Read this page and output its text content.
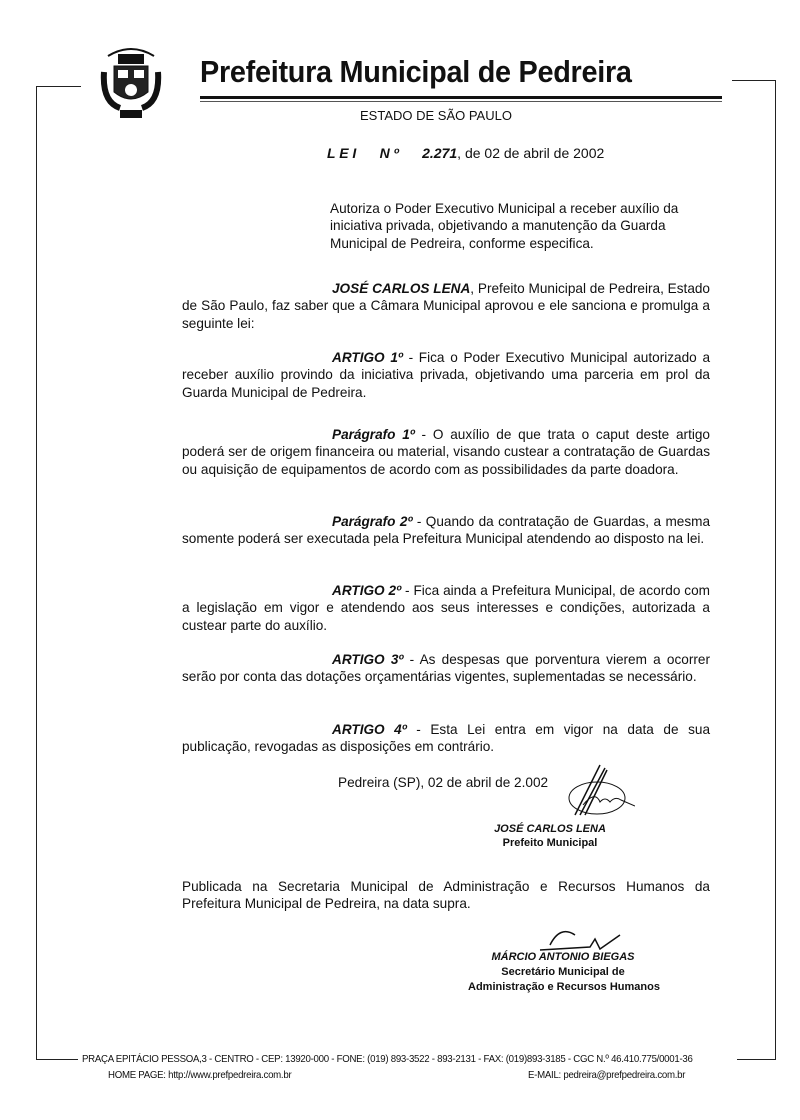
Prefeitura Municipal de Pedreira
ESTADO DE SÃO PAULO
L E I N º 2.271, de 02 de abril de 2002
Autoriza o Poder Executivo Municipal a receber auxílio da iniciativa privada, objetivando a manutenção da Guarda Municipal de Pedreira, conforme especifica.
JOSÉ CARLOS LENA, Prefeito Municipal de Pedreira, Estado de São Paulo, faz saber que a Câmara Municipal aprovou e ele sanciona e promulga a seguinte lei:
ARTIGO 1º - Fica o Poder Executivo Municipal autorizado a receber auxílio provindo da iniciativa privada, objetivando uma parceria em prol da Guarda Municipal de Pedreira.
Parágrafo 1º - O auxílio de que trata o caput deste artigo poderá ser de origem financeira ou material, visando custear a contratação de Guardas ou aquisição de equipamentos de acordo com as possibilidades da parte doadora.
Parágrafo 2º - Quando da contratação de Guardas, a mesma somente poderá ser executada pela Prefeitura Municipal atendendo ao disposto na lei.
ARTIGO 2º - Fica ainda a Prefeitura Municipal, de acordo com a legislação em vigor e atendendo aos seus interesses e condições, autorizada a custear parte do auxílio.
ARTIGO 3º - As despesas que porventura vierem a ocorrer serão por conta das dotações orçamentárias vigentes, suplementadas se necessário.
ARTIGO 4º - Esta Lei entra em vigor na data de sua publicação, revogadas as disposições em contrário.
Pedreira (SP), 02 de abril de 2.002
JOSÉ CARLOS LENA
Prefeito Municipal
Publicada na Secretaria Municipal de Administração e Recursos Humanos da Prefeitura Municipal de Pedreira, na data supra.
MÁRCIO ANTONIO BIEGAS
Secretário Municipal de
Administração e Recursos Humanos
PRAÇA EPITÁCIO PESSOA,3 - CENTRO - CEP: 13920-000 - FONE: (019) 893-3522 - 893-2131 - FAX: (019)893-3185 - CGC N.º 46.410.775/0001-36
HOME PAGE: http://www.prefpedreira.com.br	E-MAIL: pedreira@prefpedreira.com.br
